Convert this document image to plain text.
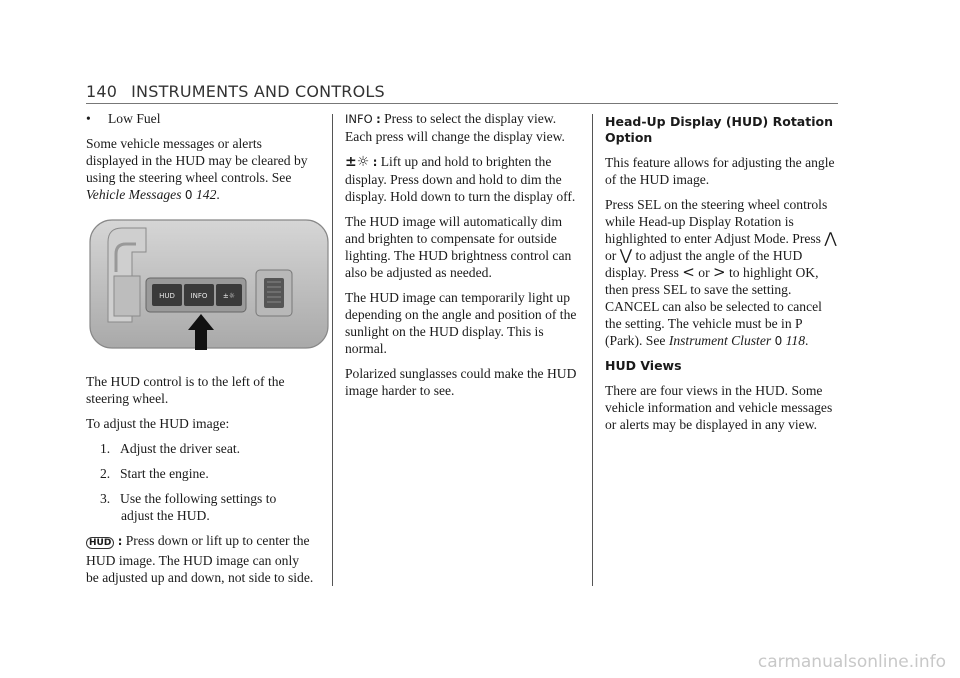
140 INSTRUMENTS AND CONTROLS

• Low Fuel

Some vehicle messages or alerts displayed in the HUD may be cleared by using the steering wheel controls. See Vehicle Messages 0 142.

HUD INFO ±☼

The HUD control is to the left of the steering wheel.

To adjust the HUD image:

1. Adjust the driver seat.

2. Start the engine.

3. Use the following settings to

adjust the HUD.

HUD : Press down or lift up to center the HUD image. The HUD image can only be adjusted up and down, not side to side.

INFO : Press to select the display view. Each press will change the display view.

±☼ : Lift up and hold to brighten the display. Press down and hold to dim the display. Hold down to turn the display off.

The HUD image will automatically dim and brighten to compensate for outside lighting. The HUD brightness control can also be adjusted as needed.

The HUD image can temporarily light up depending on the angle and position of the sunlight on the HUD display. This is normal.

Polarized sunglasses could make the HUD image harder to see.

Head-Up Display (HUD) Rotation Option

This feature allows for adjusting the angle of the HUD image.

Press SEL on the steering wheel controls while Head-up Display Rotation is highlighted to enter Adjust Mode. Press ⋀ or ⋁ to adjust the angle of the HUD display. Press < or > to highlight OK, then press SEL to save the setting. CANCEL can also be selected to cancel the setting. The vehicle must be in P (Park). See Instrument Cluster 0 118.

HUD Views

There are four views in the HUD. Some vehicle information and vehicle messages or alerts may be displayed in any view.

carmanualsonline.info
